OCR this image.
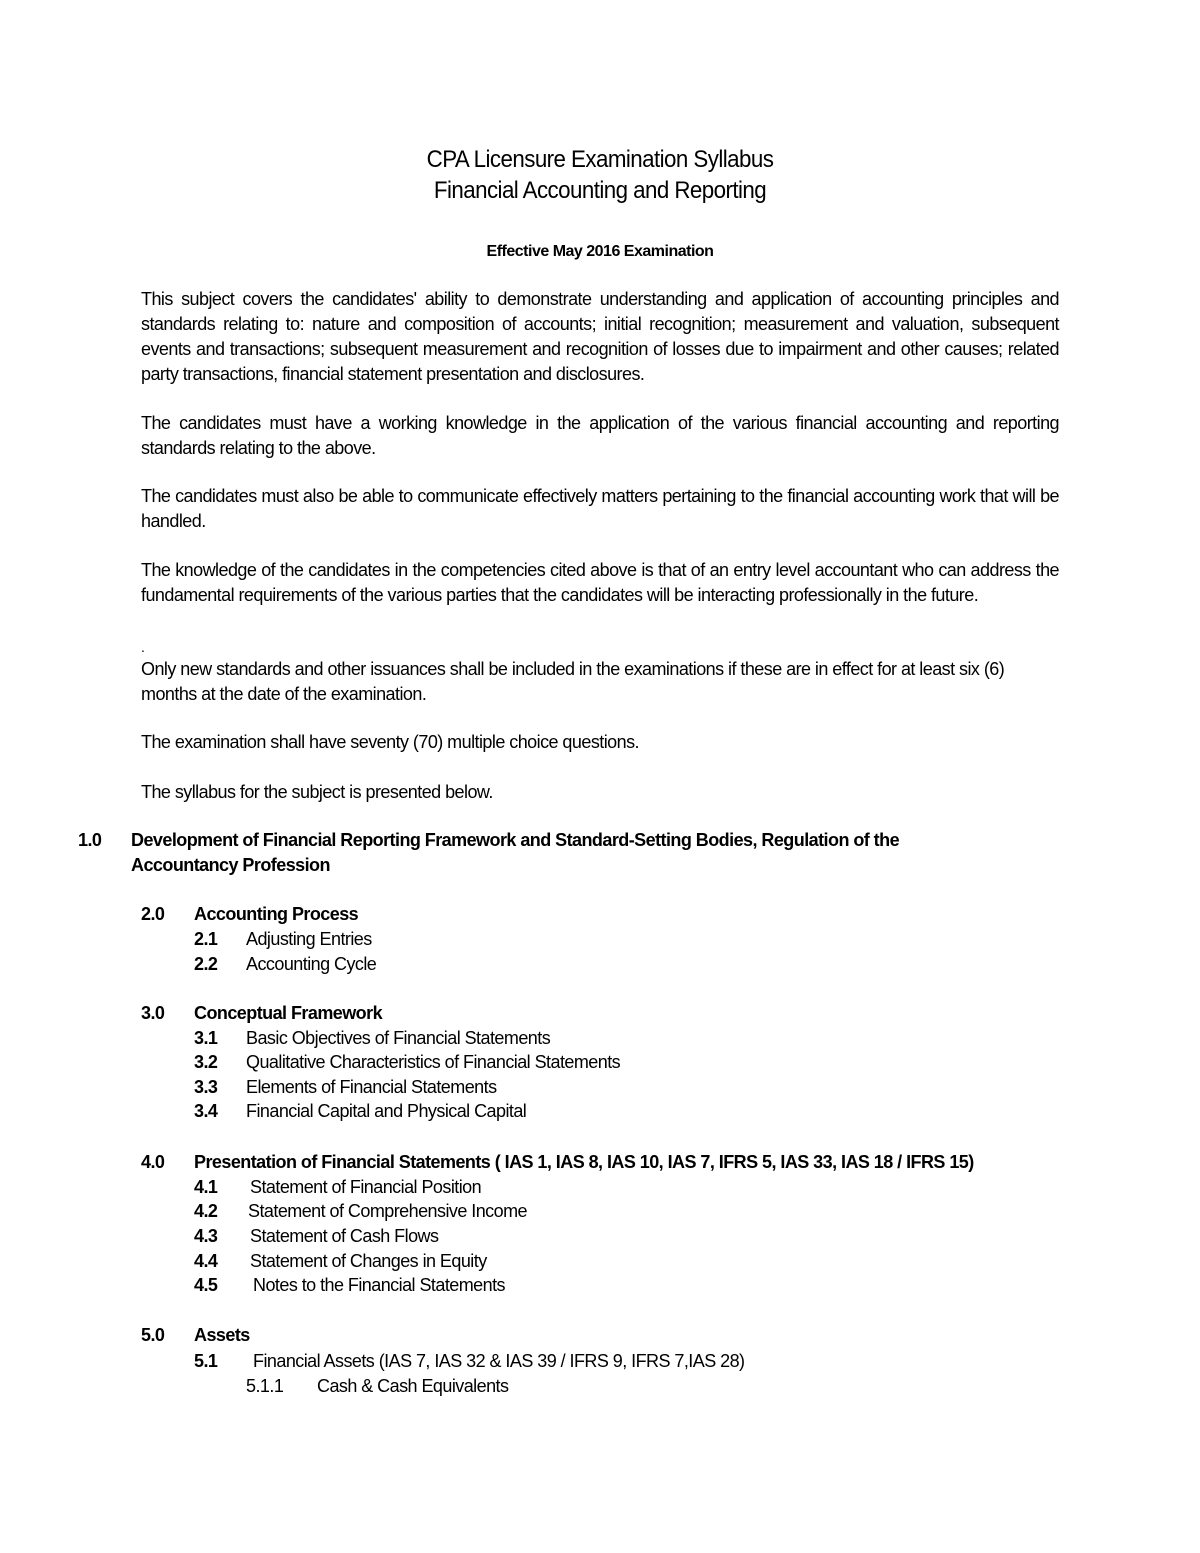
CPA Licensure Examination Syllabus
Financial Accounting and Reporting
Effective May 2016 Examination
This subject covers the candidates' ability to demonstrate understanding and application of accounting principles and standards relating to: nature and composition of accounts; initial recognition; measurement and valuation, subsequent events and transactions; subsequent measurement and recognition of losses due to impairment and other causes; related party transactions, financial statement presentation and disclosures.
The candidates must have a working knowledge in the application of the various financial accounting and reporting standards relating to the above.
The candidates must also be able to communicate effectively matters pertaining to the financial accounting work that will be handled.
The knowledge of the candidates in the competencies cited above is that of an entry level accountant who can address the fundamental requirements of the various parties that the candidates will be interacting professionally in the future.
.
Only new standards and other issuances shall be included in the examinations if these are in effect for at least six (6) months at the date of the examination.
The examination shall have seventy (70) multiple choice questions.
The syllabus for the subject is presented below.
1.0 Development of Financial Reporting Framework and Standard-Setting Bodies, Regulation of the
Accountancy Profession
2.0 Accounting Process
2.1 Adjusting Entries
2.2 Accounting Cycle
3.0 Conceptual Framework
3.1 Basic Objectives of Financial Statements
3.2 Qualitative Characteristics of Financial Statements
3.3 Elements of Financial Statements
3.4 Financial Capital and Physical Capital
4.0 Presentation of Financial Statements ( IAS 1, IAS 8, IAS 10, IAS 7, IFRS 5, IAS 33, IAS 18 / IFRS 15)
4.1 Statement of Financial Position
4.2 Statement of Comprehensive Income
4.3 Statement of Cash Flows
4.4 Statement of Changes in Equity
4.5 Notes to the Financial Statements
5.0 Assets
5.1 Financial Assets (IAS 7, IAS 32 & IAS 39 / IFRS 9, IFRS 7,IAS 28)
5.1.1 Cash & Cash Equivalents
